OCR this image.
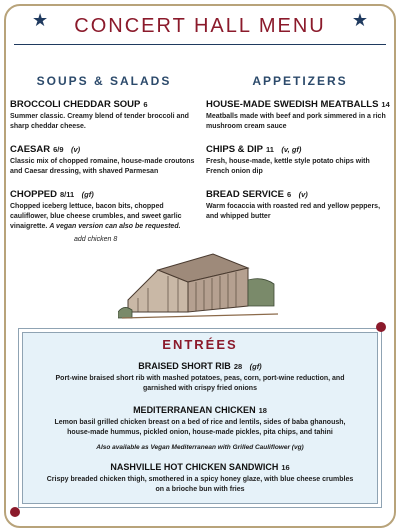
★ CONCERT HALL MENU ★
SOUPS & SALADS
BROCCOLI CHEDDAR SOUP 6
Summer classic. Creamy blend of tender broccoli and sharp cheddar cheese.
CAESAR 6/9 (v)
Classic mix of chopped romaine, house-made croutons and Caesar dressing, with shaved Parmesan
CHOPPED 8/11 (gf)
Chopped iceberg lettuce, bacon bits, chopped cauliflower, blue cheese crumbles, and sweet garlic vinaigrette. A vegan version can also be requested.
add chicken 8
APPETIZERS
HOUSE-MADE SWEDISH MEATBALLS 14
Meatballs made with beef and pork simmered in a rich mushroom cream sauce
CHIPS & DIP 11 (v, gf)
Fresh, house-made, kettle style potato chips with French onion dip
BREAD SERVICE 6 (v)
Warm focaccia with roasted red and yellow peppers, and whipped butter
ENTRÉES
BRAISED SHORT RIB 28 (gf)
Port-wine braised short rib with mashed potatoes, peas, corn, port-wine reduction, and garnished with crispy fried onions
MEDITERRANEAN CHICKEN 18
Lemon basil grilled chicken breast on a bed of rice and lentils, sides of baba ghanoush, house-made hummus, pickled onion, house-made pickles, pita chips, and tahini
Also available as Vegan Mediterranean with Grilled Cauliflower (vg)
NASHVILLE HOT CHICKEN SANDWICH 16
Crispy breaded chicken thigh, smothered in a spicy honey glaze, with blue cheese crumbles on a brioche bun with fries
